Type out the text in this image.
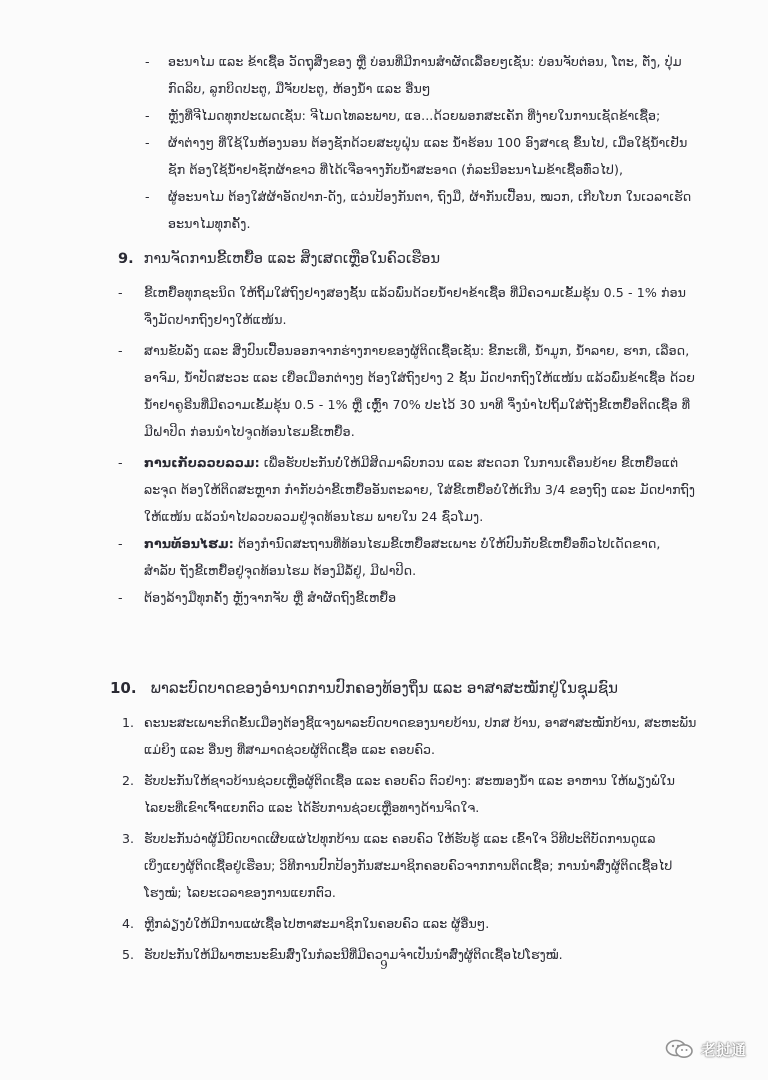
-	ອະນາໄມ ແລະ ຂ້າເຊື້ອ ວັດຖຸສິ່ງຂອງ ຫຼື ບ່ອນທີ່ມີການສຳຜັດເລື້ອຍໆເຊັ່ນ: ບ່ອນຈັບຕ່ອນ, ໂຕະ, ຕັ່ງ, ປຸ່ມ
ກົດລິບ, ລູກບິດປະຕູ, ມືຈັບປະຕູ, ຫ້ອງນ້ຳ ແລະ ອື່ນໆ
-	ຫຼັງທີ່ຈີໄມດທຸກປະເພດເຊັ່ນ: ຈີໄມດໄທລະພາບ, ແອ...ດ້ວຍພອກສະເຄັກ ທີ່ງ່າຍໃນການເຊັດຂ້າເຊື້ອ;
-	ຜ້າຕ່າງໆ ທີ່ໃຊ້ໃນຫ້ອງນອນ ຕ້ອງຊັກດ້ວຍສະບູຝຸ່ນ ແລະ ນ້ຳຮ້ອນ 100 ອົງສາເຊ ຂຶ້ນໄປ, ເມື່ອໃຊ້ນ້ຳເຢັນ
ຊັກ ຕ້ອງໃຊ້ນ້ຳຢາຊັກຜ້າຂາວ ທີ່ໄດ້ເຈືອຈາງກັບນ້ຳສະອາດ (ກໍລະນີອະນາໄມຂ້າເຊື້ອທົ່ວໄປ),
-	ຜູ້ອະນາໄມ ຕ້ອງໃສ່ຜ້າອັດປາກ-ດັງ, ແວ່ນປ້ອງກັນຕາ, ຖົງມື, ຜ້າກັນເປື້ອນ, ໝວກ, ເກີບໂບກ ໃນເວລາເຮັດ
ອະນາໄມທຸກຄັ້ງ.
9. ການຈັດການຂີ້ເຫຍື້ອ ແລະ ສິ່ງເສດເຫຼືອໃນຄົວເຮືອນ
-	ຂີ້ເຫຍື້ອທຸກຊະນິດ ໃຫ້ຖິ້ມໃສ່ຖົງຢາງສອງຊັ້ນ ແລ້ວພົ່ນດ້ວຍນ້ຳຢາຂ້າເຊື້ອ ທີ່ມີຄວາມເຂັ້ມຂຸ້ນ 0.5 - 1% ກ່ອນ
ຈຶ່ງມັດປາກຖົງຢາງໃຫ້ແໜ້ນ.
-	ສານຂັບລັ່ງ ແລະ ສິ່ງປົນເປື້ອນອອກຈາກຮ່າງກາຍຂອງຜູ້ຕິດເຊື້ອເຊັ່ນ: ຂີ້ກະເທີ່, ນ້ຳມູກ, ນ້ຳລາຍ, ຮາກ, ເລືອດ,
ອາຈົມ, ນ້ຳປັດສະວະ ແລະ ເຍື່ອເມືອກຕ່າງໆ ຕ້ອງໃສ່ຖົງຢາງ 2 ຊັ້ນ ມັດປາກຖົງໃຫ້ແໜ້ນ ແລ້ວພົ່ນຂ້າເຊື້ອ ດ້ວຍ
ນ້ຳຢາຄູຣີນທີ່ມີຄວາມເຂັ້ມຂຸ້ນ 0.5 - 1% ຫຼື ເຫຼົ້າ 70% ປະໄວ້ 30 ນາທີ ຈຶ່ງນຳໄປຖິ້ມໃສ່ຖັງຂີ້ເຫຍື້ອຕິດເຊື້ອ ທີ່
ມີຝາປິດ ກ່ອນນຳໄປຈູດທ້ອນໄຮມຂີ້ເຫຍື້ອ.
-	ການເກັບລວບລວມ: ເພື່ອຮັບປະກັນບໍ່ໃຫ້ມີສິດມາລົບກວນ ແລະ ສະດວກ ໃນການເຄື່ອນຍ້າຍ ຂີ້ເຫຍື້ອແຕ່
ລະຈຸດ ຕ້ອງໃຫ້ຕິດສະຫຼາກ ກຳກັບວ່າຂີ້ເຫຍື້ອອັນຕະລາຍ, ໃສ່ຂີ້ເຫຍື້ອບໍ່ໃຫ້ເກີນ 3/4 ຂອງຖົງ ແລະ ມັດປາກຖົງ
ໃຫ້ແໜ້ນ ແລ້ວນຳໄປລວບລວມຢູ່ຈຸດທ້ອນໄຮມ ພາຍໃນ 24 ຊົ່ວໂມງ.
-	ການທ້ອນໄຮມ: ຕ້ອງກຳນົດສະຖານທີ່ທ້ອນໄຮມຂີ້ເຫຍື້ອສະເພາະ ບໍ່ໃຫ້ປົນກັບຂີ້ເຫຍື້ອທົ່ວໄປເດັດຂາດ,
ສຳລັບ ຖັງຂີ້ເຫຍື້ອຢູ່ຈຸດທ້ອນໄຮມ ຕ້ອງມີລໍ້ຢູ່, ມີຝາປິດ.
-	ຕ້ອງລ້າງມືທຸກຄັ້ງ ຫຼັງຈາກຈັບ ຫຼື ສຳຜັດຖົງຂີ້ເຫຍື້ອ
10. ພາລະບົດບາດຂອງອຳນາດການປົກຄອງທ້ອງຖິ່ນ ແລະ ອາສາສະໝັກຢູ່ໃນຊຸມຊົນ
1. ຄະນະສະເພາະກິດຂັ້ນເມືອງຕ້ອງຊີ້ແຈງພາລະບົດບາດຂອງນາຍບ້ານ, ປກສ ບ້ານ, ອາສາສະໝັກບ້ານ, ສະຫະພັນ
ແມ່ຍິງ ແລະ ອື່ນໆ ທີ່ສາມາດຊ່ວຍຜູ້ຕິດເຊື້ອ ແລະ ຄອບຄົວ.
2. ຮັບປະກັນໃຫ້ຊາວບ້ານຊ່ວຍເຫຼືອຜູ້ຕິດເຊື້ອ ແລະ ຄອບຄົວ ຕົວຢ່າງ: ສະໜອງນ້ຳ ແລະ ອາຫານ ໃຫ້ພຽງພໍໃນ
ໄລຍະທີ່ເຂົາເຈົ້າແຍກຕົວ ແລະ ໄດ້ຮັບການຊ່ວຍເຫຼືອທາງດ້ານຈິດໃຈ.
3. ຮັບປະກັນວ່າຜູ້ມີບົດບາດເຜີຍແຜ່ໄປທຸກບ້ານ ແລະ ຄອບຄົວ ໃຫ້ຮັບຮູ້ ແລະ ເຂົ້າໃຈ ວິທີປະຕິບັດການດູແລ
ເບິ່ງແຍງຜູ້ຕິດເຊື້ອຢູ່ເຮືອນ; ວິທີການປົກປ້ອງກັນສະມາຊິກຄອບຄົວຈາກການຕິດເຊື້ອ; ການນຳສົ່ງຜູ້ຕິດເຊື້ອໄປ
ໂຮງໝໍ; ໄລຍະເວລາຂອງການແຍກຕົວ.
4. ຫຼີກລ່ຽງບໍ່ໃຫ້ມີການແຜ່ເຊື້ອໄປຫາສະມາຊິກໃນຄອບຄົວ ແລະ ຜູ້ອື່ນໆ.
5. ຮັບປະກັນໃຫ້ມີພາຫະນະຂົນສົ່ງໃນກໍລະນີທີ່ມີຄວາມຈຳເປັນນຳສົ່ງຜູ້ຕິດເຊື້ອໄປໂຮງໝໍ.
9
老挝通
